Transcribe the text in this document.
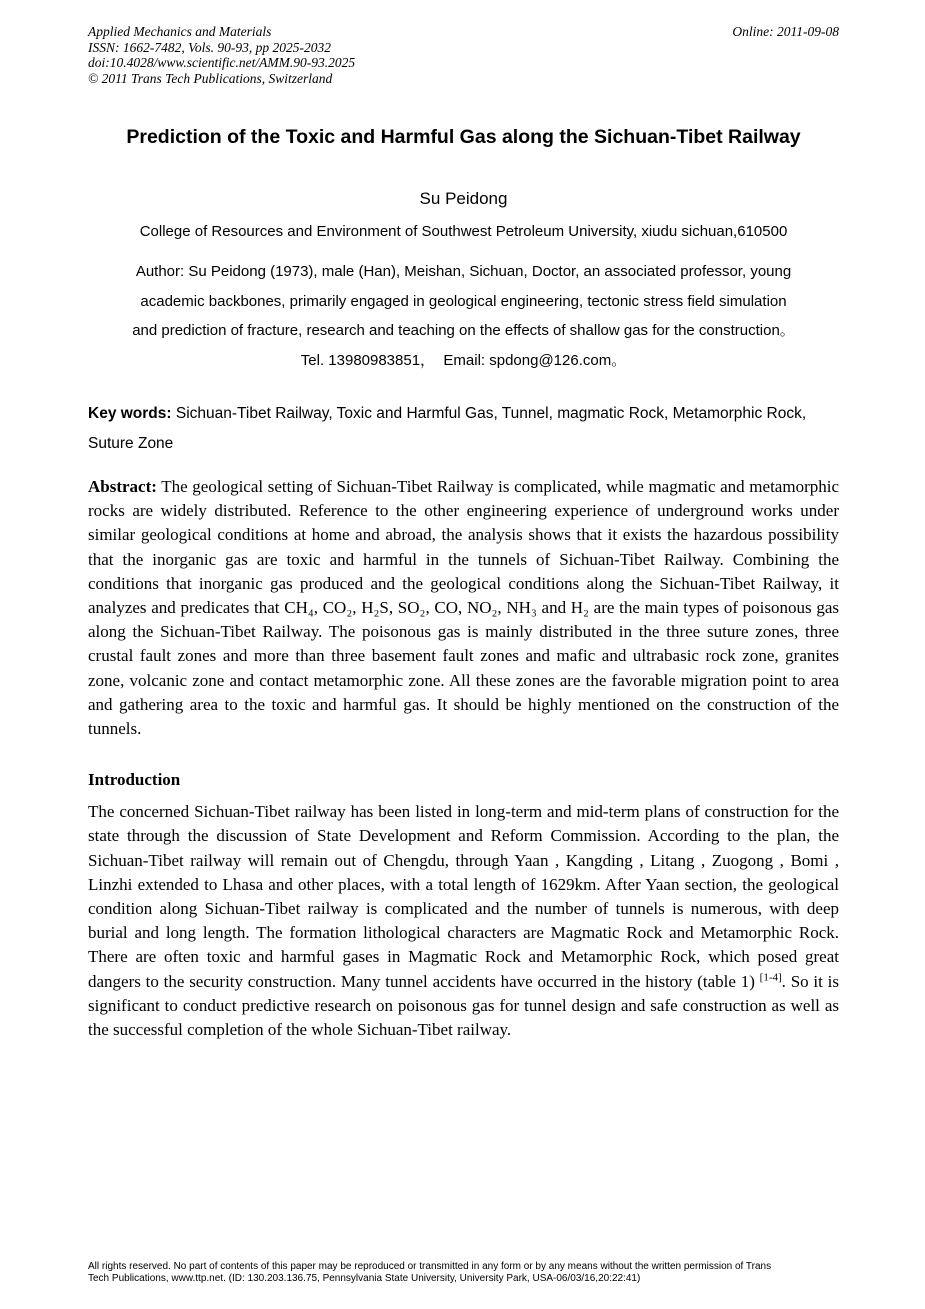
Applied Mechanics and Materials
ISSN: 1662-7482, Vols. 90-93, pp 2025-2032
doi:10.4028/www.scientific.net/AMM.90-93.2025
© 2011 Trans Tech Publications, Switzerland
Online: 2011-09-08
Prediction of the Toxic and Harmful Gas along the Sichuan-Tibet Railway
Su Peidong
College of Resources and Environment of Southwest Petroleum University, xiudu sichuan,610500
Author: Su Peidong (1973), male (Han), Meishan, Sichuan, Doctor, an associated professor, young
academic backbones, primarily engaged in geological engineering, tectonic stress field simulation
and prediction of fracture, research and teaching on the effects of shallow gas for the construction。
Tel. 13980983851，  Email: spdong@126.com。

Key words: Sichuan-Tibet Railway, Toxic and Harmful Gas, Tunnel, magmatic Rock, Metamorphic Rock, Suture Zone

Abstract: The geological setting of Sichuan-Tibet Railway is complicated, while magmatic and metamorphic rocks are widely distributed. Reference to the other engineering experience of underground works under similar geological conditions at home and abroad, the analysis shows that it exists the hazardous possibility that the inorganic gas are toxic and harmful in the tunnels of Sichuan-Tibet Railway. Combining the conditions that inorganic gas produced and the geological conditions along the Sichuan-Tibet Railway, it analyzes and predicates that CH₄, CO₂, H₂S, SO₂, CO, NO₂, NH₃ and H₂ are the main types of poisonous gas along the Sichuan-Tibet Railway. The poisonous gas is mainly distributed in the three suture zones, three crustal fault zones and more than three basement fault zones and mafic and ultrabasic rock zone, granites zone, volcanic zone and contact metamorphic zone. All these zones are the favorable migration point to area and gathering area to the toxic and harmful gas. It should be highly mentioned on the construction of the tunnels.

Introduction

The concerned Sichuan-Tibet railway has been listed in long-term and mid-term plans of construction for the state through the discussion of State Development and Reform Commission. According to the plan, the Sichuan-Tibet railway will remain out of Chengdu, through Yaan , Kangding , Litang , Zuogong , Bomi , Linzhi extended to Lhasa and other places, with a total length of 1629km. After Yaan section, the geological condition along Sichuan-Tibet railway is complicated and the number of tunnels is numerous, with deep burial and long length. The formation lithological characters are Magmatic Rock and Metamorphic Rock. There are often toxic and harmful gases in Magmatic Rock and Metamorphic Rock, which posed great dangers to the security construction. Many tunnel accidents have occurred in the history (table 1) [1-4]. So it is significant to conduct predictive research on poisonous gas for tunnel design and safe construction as well as the successful completion of the whole Sichuan-Tibet railway.

All rights reserved. No part of contents of this paper may be reproduced or transmitted in any form or by any means without the written permission of Trans
Tech Publications, www.ttp.net. (ID: 130.203.136.75, Pennsylvania State University, University Park, USA-06/03/16,20:22:41)
